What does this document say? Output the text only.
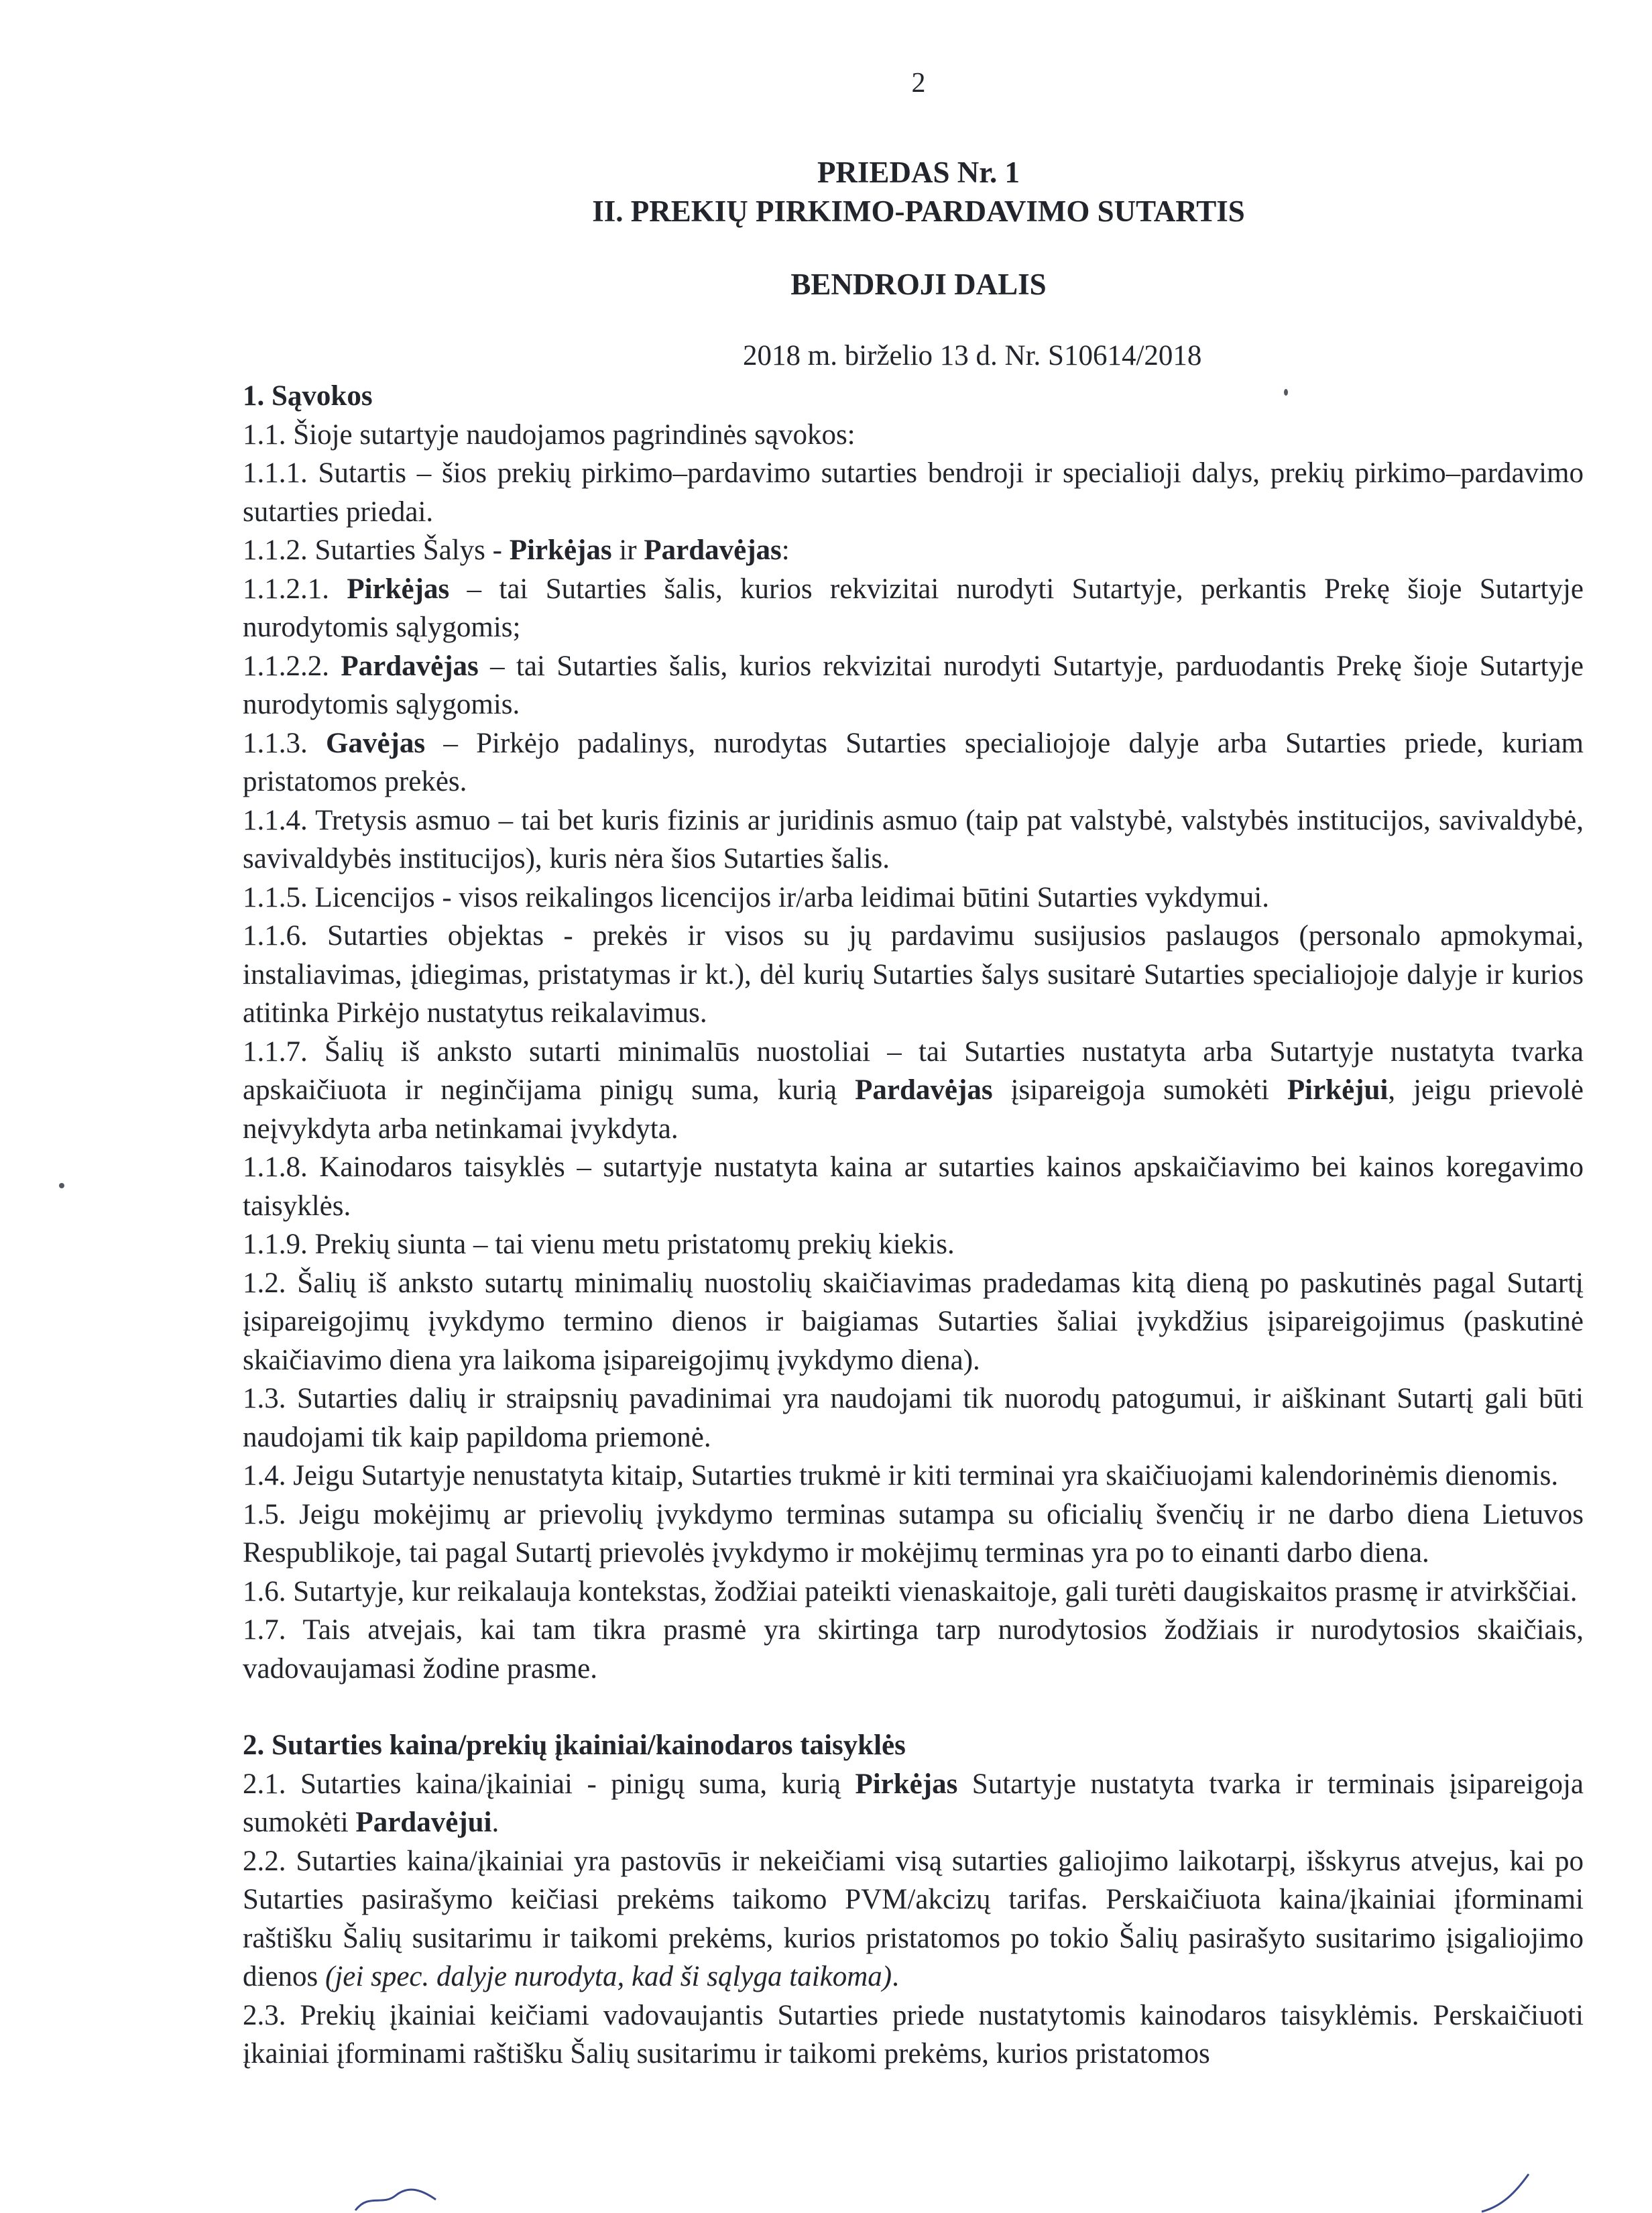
2
PRIEDAS Nr. 1
II. PREKIŲ PIRKIMO-PARDAVIMO SUTARTIS
BENDROJI DALIS
2018 m. birželio 13 d. Nr. S10614/2018

1. Sąvokos

1.1. Šioje sutartyje naudojamos pagrindinės sąvokos:

1.1.1. Sutartis – šios prekių pirkimo–pardavimo sutarties bendroji ir specialioji dalys, prekių pirkimo–pardavimo sutarties priedai.

1.1.2. Sutarties Šalys - Pirkėjas ir Pardavėjas:

1.1.2.1. Pirkėjas – tai Sutarties šalis, kurios rekvizitai nurodyti Sutartyje, perkantis Prekę šioje Sutartyje nurodytomis sąlygomis;

1.1.2.2. Pardavėjas – tai Sutarties šalis, kurios rekvizitai nurodyti Sutartyje, parduodantis Prekę šioje Sutartyje nurodytomis sąlygomis.

1.1.3. Gavėjas – Pirkėjo padalinys, nurodytas Sutarties specialiojoje dalyje arba Sutarties priede, kuriam pristatomos prekės.

1.1.4. Tretysis asmuo – tai bet kuris fizinis ar juridinis asmuo (taip pat valstybė, valstybės institucijos, savivaldybė, savivaldybės institucijos), kuris nėra šios Sutarties šalis.

1.1.5. Licencijos - visos reikalingos licencijos ir/arba leidimai būtini Sutarties vykdymui.

1.1.6. Sutarties objektas - prekės ir visos su jų pardavimu susijusios paslaugos (personalo apmokymai, instaliavimas, įdiegimas, pristatymas ir kt.), dėl kurių Sutarties šalys susitarė Sutarties specialiojoje dalyje ir kurios atitinka Pirkėjo nustatytus reikalavimus.

1.1.7. Šalių iš anksto sutarti minimalūs nuostoliai – tai Sutarties nustatyta arba Sutartyje nustatyta tvarka apskaičiuota ir neginčijama pinigų suma, kurią Pardavėjas įsipareigoja sumokėti Pirkėjui, jeigu prievolė neįvykdyta arba netinkamai įvykdyta.

1.1.8. Kainodaros taisyklės – sutartyje nustatyta kaina ar sutarties kainos apskaičiavimo bei kainos koregavimo taisyklės.

1.1.9. Prekių siunta – tai vienu metu pristatomų prekių kiekis.

1.2. Šalių iš anksto sutartų minimalių nuostolių skaičiavimas pradedamas kitą dieną po paskutinės pagal Sutartį įsipareigojimų įvykdymo termino dienos ir baigiamas Sutarties šaliai įvykdžius įsipareigojimus (paskutinė skaičiavimo diena yra laikoma įsipareigojimų įvykdymo diena).

1.3. Sutarties dalių ir straipsnių pavadinimai yra naudojami tik nuorodų patogumui, ir aiškinant Sutartį gali būti naudojami tik kaip papildoma priemonė.

1.4. Jeigu Sutartyje nenustatyta kitaip, Sutarties trukmė ir kiti terminai yra skaičiuojami kalendorinėmis dienomis.

1.5. Jeigu mokėjimų ar prievolių įvykdymo terminas sutampa su oficialių švenčių ir ne darbo diena Lietuvos Respublikoje, tai pagal Sutartį prievolės įvykdymo ir mokėjimų terminas yra po to einanti darbo diena.

1.6. Sutartyje, kur reikalauja kontekstas, žodžiai pateikti vienaskaitoje, gali turėti daugiskaitos prasmę ir atvirkščiai.

1.7. Tais atvejais, kai tam tikra prasmė yra skirtinga tarp nurodytosios žodžiais ir nurodytosios skaičiais, vadovaujamasi žodine prasme.

2. Sutarties kaina/prekių įkainiai/kainodaros taisyklės

2.1. Sutarties kaina/įkainiai - pinigų suma, kurią Pirkėjas Sutartyje nustatyta tvarka ir terminais įsipareigoja sumokėti Pardavėjui.

2.2. Sutarties kaina/įkainiai yra pastovūs ir nekeičiami visą sutarties galiojimo laikotarpį, išskyrus atvejus, kai po Sutarties pasirašymo keičiasi prekėms taikomo PVM/akcizų tarifas. Perskaičiuota kaina/įkainiai įforminami raštišku Šalių susitarimu ir taikomi prekėms, kurios pristatomos po tokio Šalių pasirašyto susitarimo įsigaliojimo dienos (jei spec. dalyje nurodyta, kad ši sąlyga taikoma).

2.3. Prekių įkainiai keičiami vadovaujantis Sutarties priede nustatytomis kainodaros taisyklėmis. Perskaičiuoti įkainiai įforminami raštišku Šalių susitarimu ir taikomi prekėms, kurios pristatomos
